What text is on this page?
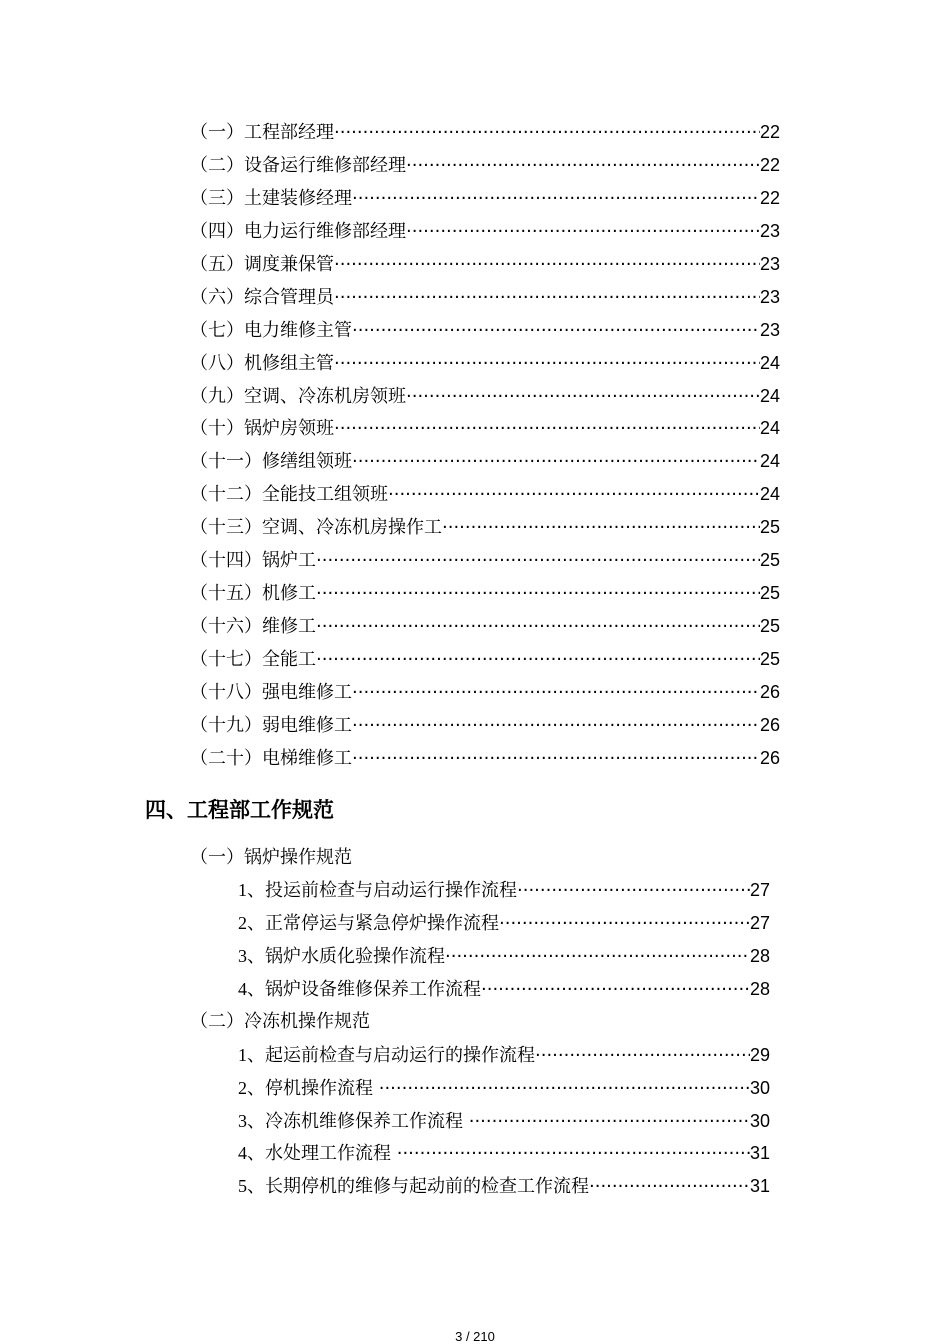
（一）工程部经理 ·····	22
（二）设备运行维修部经理 ·····	22
（三）土建装修经理 ·····	22
（四）电力运行维修部经理 ·····	23
（五）调度兼保管 ·····	23
（六）综合管理员 ·····	23
（七）电力维修主管 ·····	23
（八）机修组主管 ·····	24
（九）空调、冷冻机房领班 ·····	24
（十）锅炉房领班 ·····	24
（十一）修缮组领班 ·····	24
（十二）全能技工组领班 ·····	24
（十三）空调、冷冻机房操作工 ·····	25
（十四）锅炉工 ·····	25
（十五）机修工 ·····	25
（十六）维修工 ·····	25
（十七）全能工 ·····	25
（十八）强电维修工 ·····	26
（十九）弱电维修工 ·····	26
（二十）电梯维修工 ·····	26
四、工程部工作规范
（一）锅炉操作规范
1、投运前检查与启动运行操作流程 ·····	27
2、正常停运与紧急停炉操作流程 ·····	27
3、锅炉水质化验操作流程 ·····	28
4、锅炉设备维修保养工作流程 ·····	28
（二）冷冻机操作规范
1、起运前检查与启动运行的操作流程 ·····	29
2、停机操作流程 ·····	30
3、冷冻机维修保养工作流程 ·····	30
4、水处理工作流程 ·····	31
5、长期停机的维修与起动前的检查工作流程 ·····	31
3 / 210
